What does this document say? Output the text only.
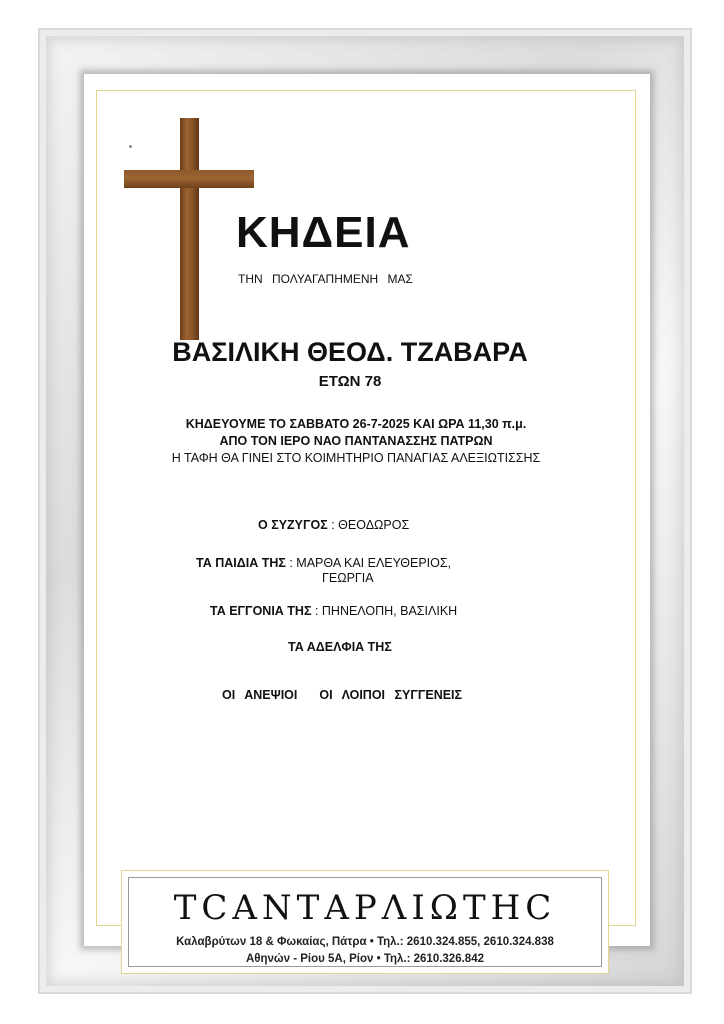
ΚΗΔΕΙΑ
ΤΗΝ ΠΟΛΥΑΓΑΠΗΜΕΝΗ ΜΑΣ
ΒΑΣΙΛΙΚΗ ΘΕΟΔ. ΤΖΑΒΑΡΑ
ΕΤΩΝ 78
ΚΗΔΕΥΟΥΜΕ ΤΟ ΣΑΒΒΑΤΟ 26-7-2025 ΚΑΙ ΩΡΑ 11,30 π.μ.
ΑΠΟ ΤΟΝ ΙΕΡΟ ΝΑΟ ΠΑΝΤΑΝΑΣΣΗΣ ΠΑΤΡΩΝ
Η ΤΑΦΗ ΘΑ ΓΙΝΕΙ ΣΤΟ ΚΟΙΜΗΤΗΡΙΟ ΠΑΝΑΓΙΑΣ ΑΛΕΞΙΩΤΙΣΣΗΣ
Ο ΣΥΖΥΓΟΣ : ΘΕΟΔΩΡΟΣ
ΤΑ ΠΑΙΔΙΑ ΤΗΣ : ΜΑΡΘΑ ΚΑΙ ΕΛΕΥΘΕΡΙΟΣ,
ΓΕΩΡΓΙΑ
ΤΑ ΕΓΓΟΝΙΑ ΤΗΣ : ΠΗΝΕΛΟΠΗ, ΒΑΣΙΛΙΚΗ
ΤΑ ΑΔΕΛΦΙΑ ΤΗΣ
ΟΙ ΑΝΕΨΙΟΙ ΟΙ ΛΟΙΠΟΙ ΣΥΓΓΕΝΕΙΣ
ΤCΑΝΤΑΡΛΙΩΤΗC
Καλαβρύτων 18 & Φωκαίας, Πάτρα • Τηλ.: 2610.324.855, 2610.324.838
Αθηνών - Ρίου 5Α, Ρίον • Τηλ.: 2610.326.842
